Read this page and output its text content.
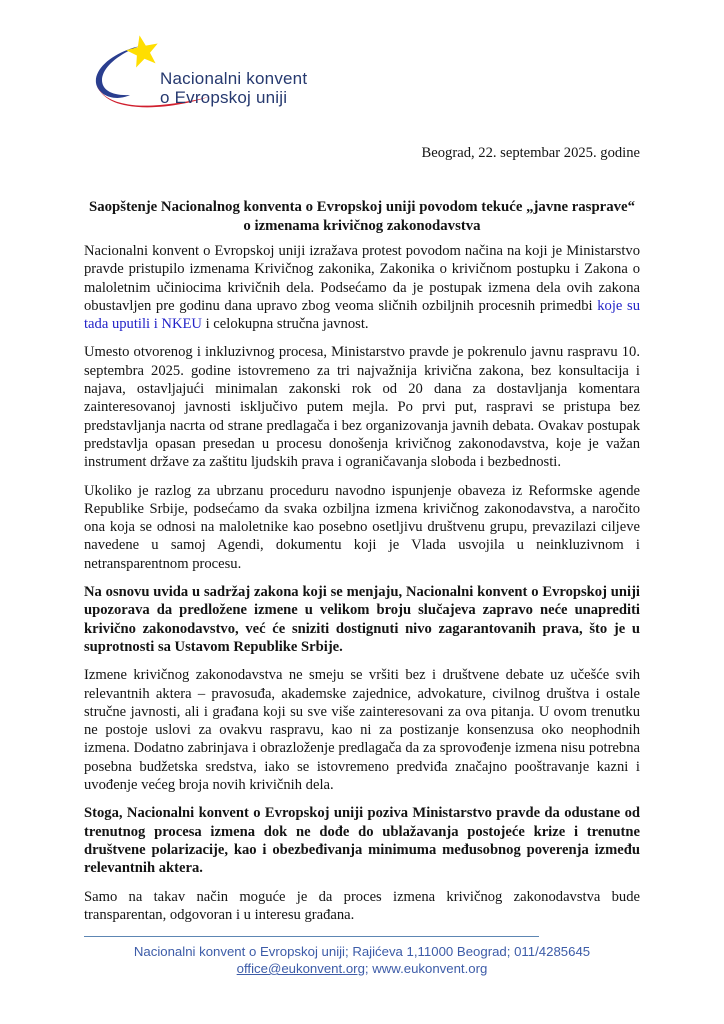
Nacionalni konvent
o Evropskoj uniji
Beograd, 22. septembar 2025. godine
Saopštenje Nacionalnog konventa o Evropskoj uniji povodom tekuće „javne rasprave“
o izmenama krivičnog zakonodavstva

Nacionalni konvent o Evropskoj uniji izražava protest povodom načina na koji je Ministarstvo pravde pristupilo izmenama Krivičnog zakonika, Zakonika o krivičnom postupku i Zakona o maloletnim učiniocima krivičnih dela. Podsećamo da je postupak izmena dela ovih zakona obustavljen pre godinu dana upravo zbog veoma sličnih ozbiljnih procesnih primedbi koje su tada uputili i NKEU i celokupna stručna javnost.

Umesto otvorenog i inkluzivnog procesa, Ministarstvo pravde je pokrenulo javnu raspravu 10. septembra 2025. godine istovremeno za tri najvažnija krivična zakona, bez konsultacija i najava, ostavljajući minimalan zakonski rok od 20 dana za dostavljanja komentara zainteresovanoj javnosti isključivo putem mejla. Po prvi put, raspravi se pristupa bez predstavljanja nacrta od strane predlagača i bez organizovanja javnih debata. Ovakav postupak predstavlja opasan presedan u procesu donošenja krivičnog zakonodavstva, koje je važan instrument države za zaštitu ljudskih prava i ograničavanja sloboda i bezbednosti.

Ukoliko je razlog za ubrzanu proceduru navodno ispunjenje obaveza iz Reformske agende Republike Srbije, podsećamo da svaka ozbiljna izmena krivičnog zakonodavstva, a naročito ona koja se odnosi na maloletnike kao posebno osetljivu društvenu grupu, prevazilazi ciljeve navedene u samoj Agendi, dokumentu koji je Vlada usvojila u neinkluzivnom i netransparentnom procesu.

Na osnovu uvida u sadržaj zakona koji se menjaju, Nacionalni konvent o Evropskoj uniji upozorava da predložene izmene u velikom broju slučajeva zapravo neće unaprediti krivično zakonodavstvo, već će sniziti dostignuti nivo zagarantovanih prava, što je u suprotnosti sa Ustavom Republike Srbije.

Izmene krivičnog zakonodavstva ne smeju se vršiti bez i društvene debate uz učešće svih relevantnih aktera – pravosuđa, akademske zajednice, advokature, civilnog društva i ostale stručne javnosti, ali i građana koji su sve više zainteresovani za ova pitanja. U ovom trenutku ne postoje uslovi za ovakvu raspravu, kao ni za postizanje konsenzusa oko neophodnih izmena. Dodatno zabrinjava i obrazloženje predlagača da za sprovođenje izmena nisu potrebna posebna budžetska sredstva, iako se istovremeno predviđa značajno pooštravanje kazni i uvođenje većeg broja novih krivičnih dela.

Stoga, Nacionalni konvent o Evropskoj uniji poziva Ministarstvo pravde da odustane od trenutnog procesa izmena dok ne dođe do ublažavanja postojeće krize i trenutne društvene polarizacije, kao i obezbeđivanja minimuma međusobnog poverenja između relevantnih aktera.

Samo na takav način moguće je da proces izmena krivičnog zakonodavstva bude transparentan, odgovoran i u interesu građana.

Nacionalni konvent o Evropskoj uniji; Rajićeva 1,11000 Beograd; 011/4285645
office@eukonvent.org; www.eukonvent.org
